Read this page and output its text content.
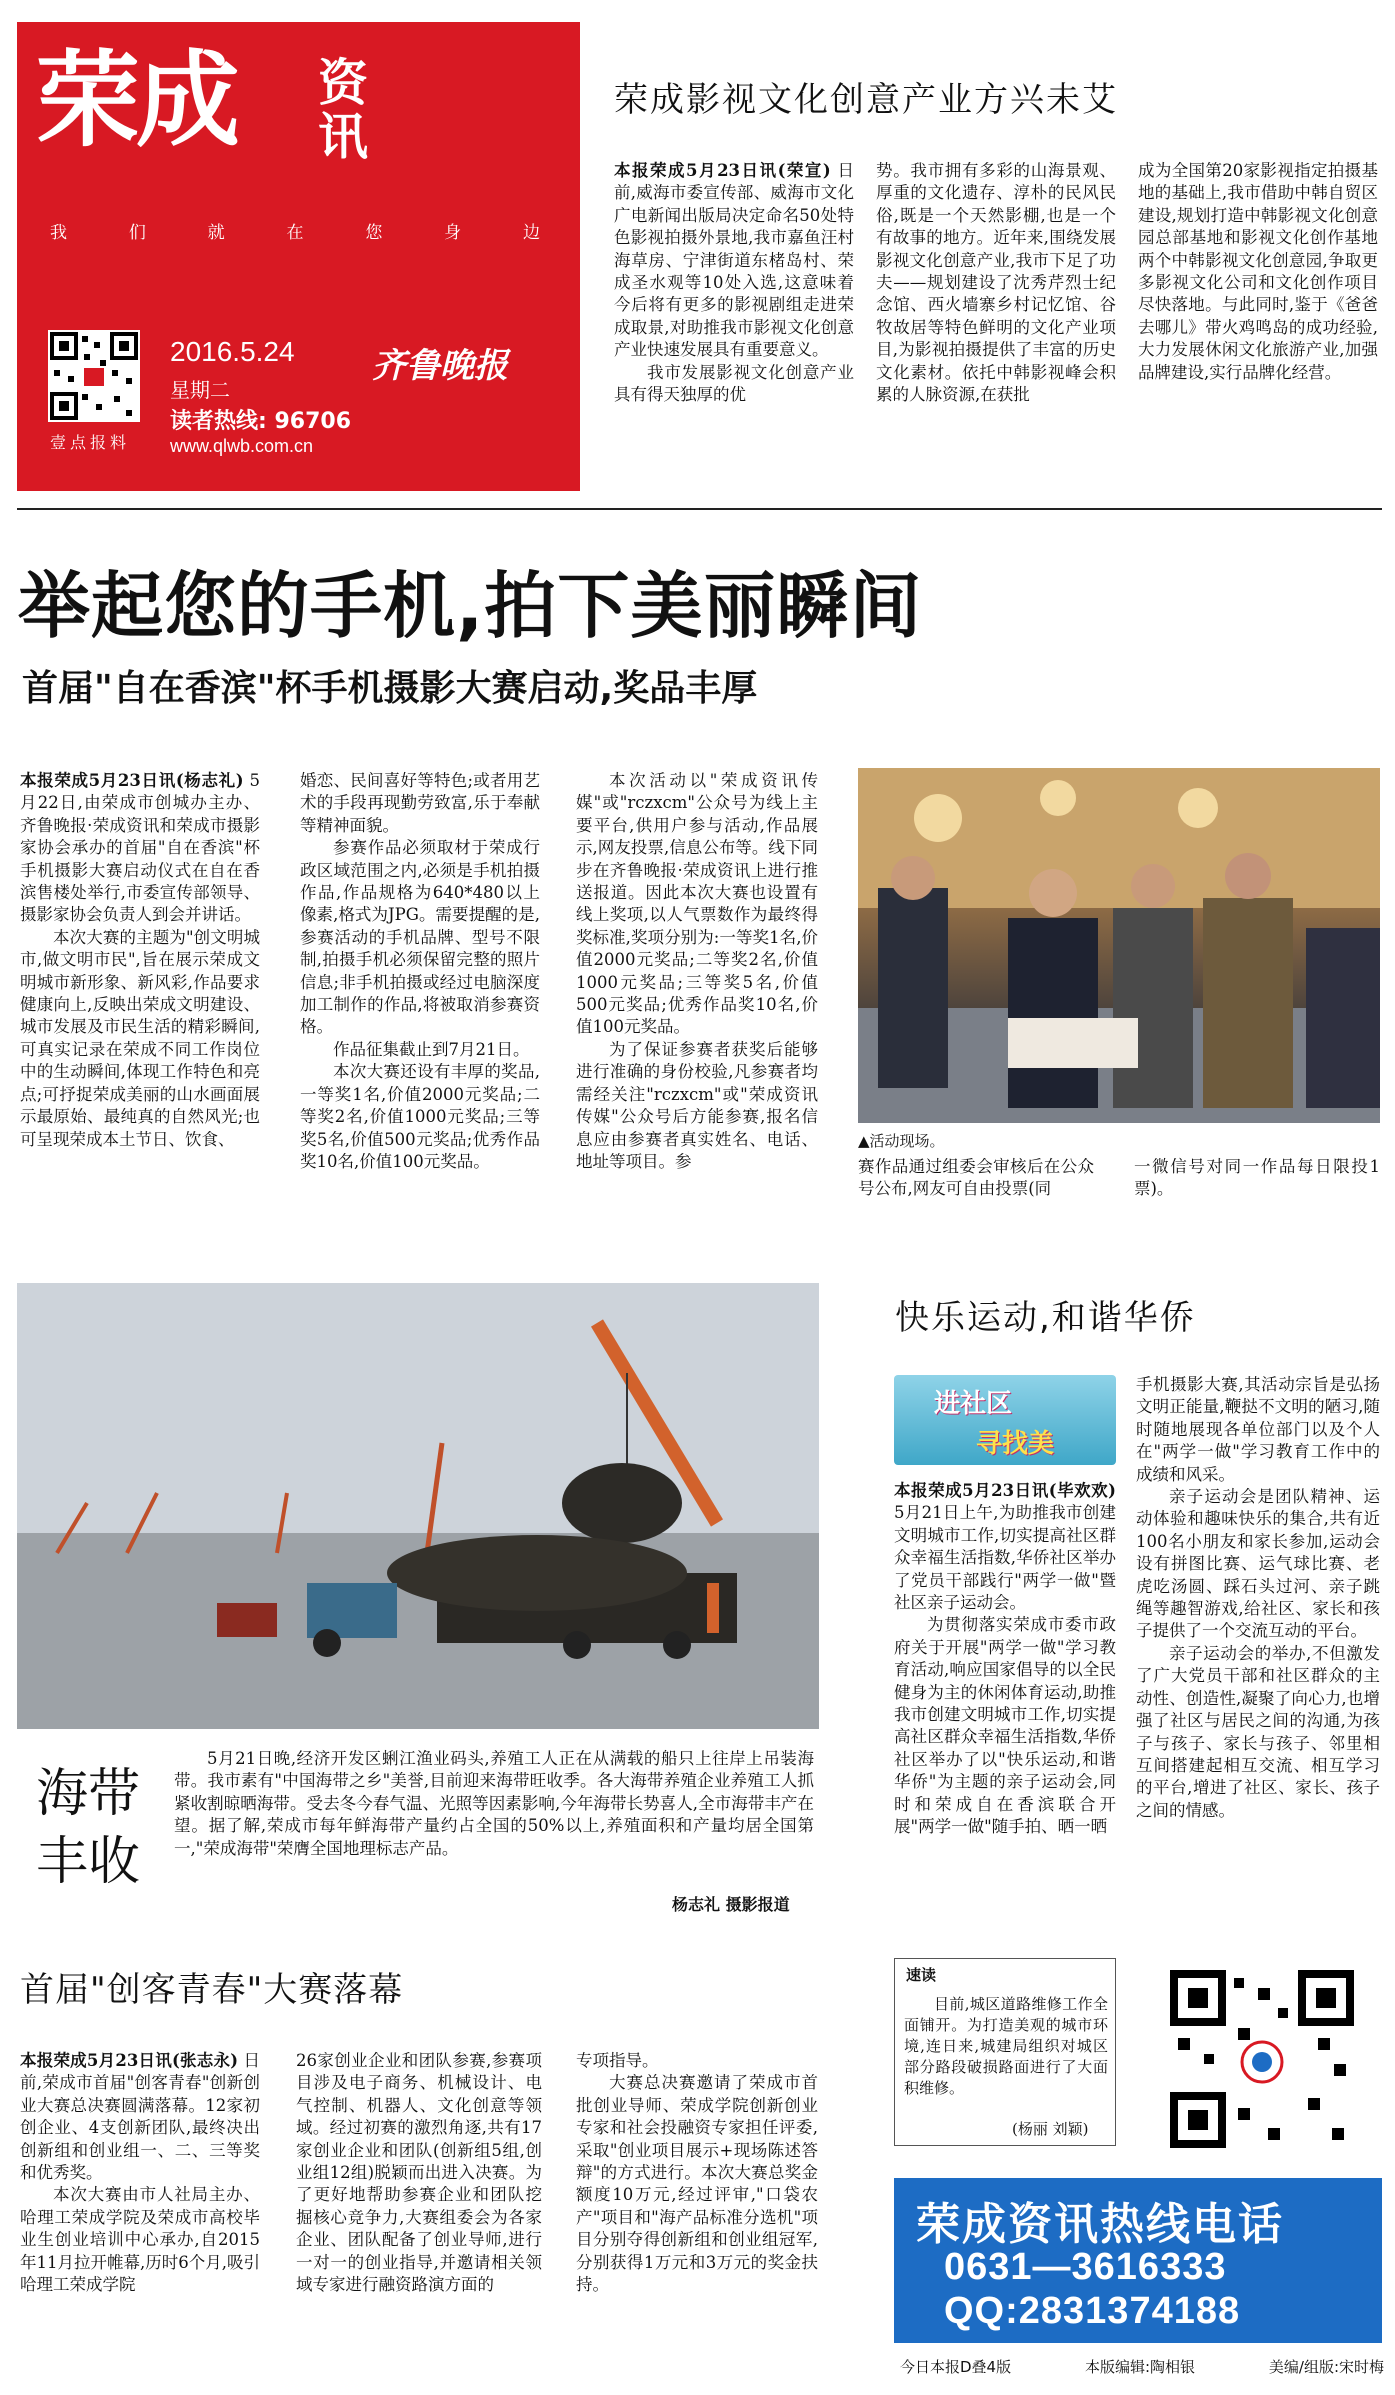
荣成 资讯
我	们	就	在	您	身	边
壹点报料
2016.5.24
星期二
读者热线: 96706
www.qlwb.com.cn
齐鲁晚报
荣成影视文化创意产业方兴未艾

本报荣成5月23日讯(荣宣) 日前,威海市委宣传部、威海市文化广电新闻出版局决定命名50处特色影视拍摄外景地,我市嘉鱼汪村海草房、宁津街道东楮岛村、荣成圣水观等10处入选,这意味着今后将有更多的影视剧组走进荣成取景,对助推我市影视文化创意产业快速发展具有重要意义。

我市发展影视文化创意产业具有得天独厚的优

势。我市拥有多彩的山海景观、厚重的文化遗存、淳朴的民风民俗,既是一个天然影棚,也是一个有故事的地方。近年来,围绕发展影视文化创意产业,我市下足了功夫——规划建设了沈秀芹烈士纪念馆、西火墙寨乡村记忆馆、谷牧故居等特色鲜明的文化产业项目,为影视拍摄提供了丰富的历史文化素材。依托中韩影视峰会积累的人脉资源,在获批

成为全国第20家影视指定拍摄基地的基础上,我市借助中韩自贸区建设,规划打造中韩影视文化创意园总部基地和影视文化创作基地两个中韩影视文化创意园,争取更多影视文化公司和文化创作项目尽快落地。与此同时,鉴于《爸爸去哪儿》带火鸡鸣岛的成功经验,大力发展休闲文化旅游产业,加强品牌建设,实行品牌化经营。

举起您的手机,拍下美丽瞬间
首届"自在香滨"杯手机摄影大赛启动,奖品丰厚

本报荣成5月23日讯(杨志礼) 5月22日,由荣成市创城办主办、齐鲁晚报·荣成资讯和荣成市摄影家协会承办的首届"自在香滨"杯手机摄影大赛启动仪式在自在香滨售楼处举行,市委宣传部领导、摄影家协会负责人到会并讲话。

本次大赛的主题为"创文明城市,做文明市民",旨在展示荣成文明城市新形象、新风彩,作品要求健康向上,反映出荣成文明建设、城市发展及市民生活的精彩瞬间,可真实记录在荣成不同工作岗位中的生动瞬间,体现工作特色和亮点;可抒捉荣成美丽的山水画面展示最原始、最纯真的自然风光;也可呈现荣成本土节日、饮食、

婚恋、民间喜好等特色;或者用艺术的手段再现勤劳致富,乐于奉献等精神面貌。

参赛作品必须取材于荣成行政区域范围之内,必须是手机拍摄作品,作品规格为640*480以上像素,格式为JPG。需要提醒的是,参赛活动的手机品牌、型号不限制,拍摄手机必须保留完整的照片信息;非手机拍摄或经过电脑深度加工制作的作品,将被取消参赛资格。

作品征集截止到7月21日。

本次大赛还设有丰厚的奖品,一等奖1名,价值2000元奖品;二等奖2名,价值1000元奖品;三等奖5名,价值500元奖品;优秀作品奖10名,价值100元奖品。

本次活动以"荣成资讯传媒"或"rczxcm"公众号为线上主要平台,供用户参与活动,作品展示,网友投票,信息公布等。线下同步在齐鲁晚报·荣成资讯上进行推送报道。因此本次大赛也设置有线上奖项,以人气票数作为最终得奖标准,奖项分别为:一等奖1名,价值2000元奖品;二等奖2名,价值1000元奖品;三等奖5名,价值500元奖品;优秀作品奖10名,价值100元奖品。

为了保证参赛者获奖后能够进行准确的身份校验,凡参赛者均需经关注"rczxcm"或"荣成资讯传媒"公众号后方能参赛,报名信息应由参赛者真实姓名、电话、地址等项目。参

▲活动现场。

赛作品通过组委会审核后在公众号公布,网友可自由投票(同

一微信号对同一作品每日限投1票)。

海带丰收

5月21日晚,经济开发区蜊江渔业码头,养殖工人正在从满载的船只上往岸上吊装海带。我市素有"中国海带之乡"美誉,目前迎来海带旺收季。各大海带养殖企业养殖工人抓紧收割晾晒海带。受去冬今春气温、光照等因素影响,今年海带长势喜人,全市海带丰产在望。据了解,荣成市每年鲜海带产量约占全国的50%以上,养殖面积和产量均居全国第一,"荣成海带"荣膺全国地理标志产品。

杨志礼 摄影报道
快乐运动,和谐华侨
进社区
寻找美

手机摄影大赛,其活动宗旨是弘扬文明正能量,鞭挞不文明的陋习,随时随地展现各单位部门以及个人在"两学一做"学习教育工作中的成绩和风采。

亲子运动会是团队精神、运动体验和趣味快乐的集合,共有近100名小朋友和家长参加,运动会设有拼图比赛、运气球比赛、老虎吃汤圆、踩石头过河、亲子跳绳等趣智游戏,给社区、家长和孩子提供了一个交流互动的平台。

亲子运动会的举办,不但激发了广大党员干部和社区群众的主动性、创造性,凝聚了向心力,也增强了社区与居民之间的沟通,为孩子与孩子、家长与孩子、邻里相互间搭建起相互交流、相互学习的平台,增进了社区、家长、孩子之间的情感。

本报荣成5月23日讯(毕欢欢) 5月21日上午,为助推我市创建文明城市工作,切实提高社区群众幸福生活指数,华侨社区举办了党员干部践行"两学一做"暨社区亲子运动会。

为贯彻落实荣成市委市政府关于开展"两学一做"学习教育活动,响应国家倡导的以全民健身为主的休闲体育运动,助推我市创建文明城市工作,切实提高社区群众幸福生活指数,华侨社区举办了以"快乐运动,和谐华侨"为主题的亲子运动会,同时和荣成自在香滨联合开展"两学一做"随手拍、晒一晒

首届"创客青春"大赛落幕

本报荣成5月23日讯(张志永) 日前,荣成市首届"创客青春"创新创业大赛总决赛圆满落幕。12家初创企业、4支创新团队,最终决出创新组和创业组一、二、三等奖和优秀奖。

本次大赛由市人社局主办、哈理工荣成学院及荣成市高校毕业生创业培训中心承办,自2015年11月拉开帷幕,历时6个月,吸引哈理工荣成学院

26家创业企业和团队参赛,参赛项目涉及电子商务、机械设计、电气控制、机器人、文化创意等领域。经过初赛的激烈角逐,共有17家创业企业和团队(创新组5组,创业组12组)脱颖而出进入决赛。为了更好地帮助参赛企业和团队挖掘核心竞争力,大赛组委会为各家企业、团队配备了创业导师,进行一对一的创业指导,并邀请相关领域专家进行融资路演方面的

专项指导。

大赛总决赛邀请了荣成市首批创业导师、荣成学院创新创业专家和社会投融资专家担任评委,采取"创业项目展示+现场陈述答辩"的方式进行。本次大赛总奖金额度10万元,经过评审,"口袋农产"项目和"海产品标准分选机"项目分别夺得创新组和创业组冠军,分别获得1万元和3万元的奖金扶持。

速读

目前,城区道路维修工作全面铺开。为打造美观的城市环境,连日来,城建局组织对城区部分路段破损路面进行了大面积维修。

(杨丽 刘颖)
荣成资讯热线电话
0631—3616333
QQ:2831374188
今日本报D叠4版	本版编辑:陶相银	美编/组版:宋时梅
